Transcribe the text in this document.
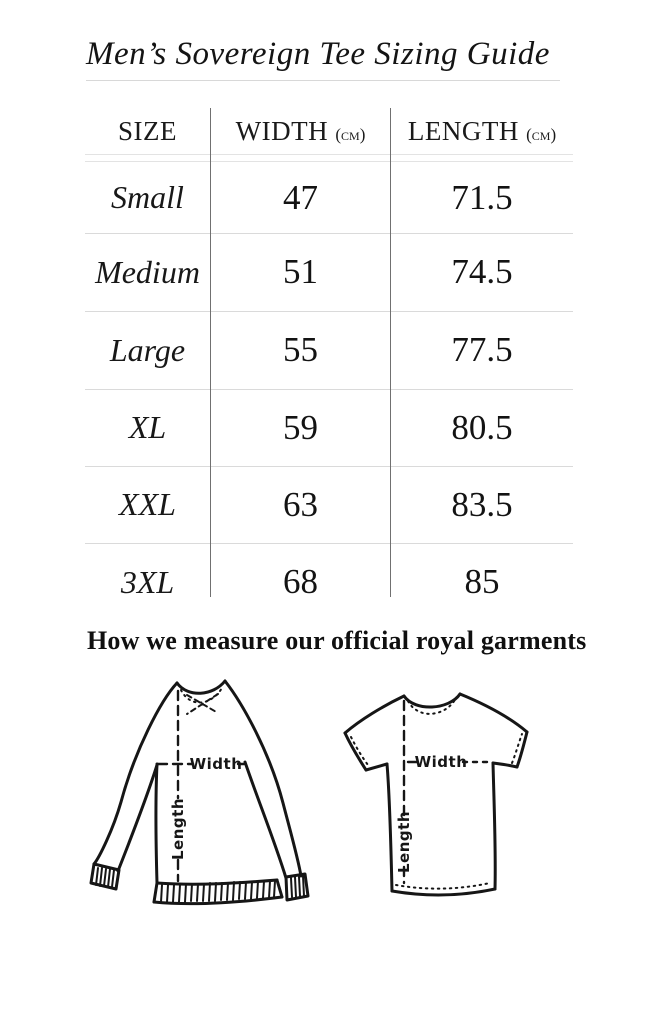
Men’s Sovereign Tee Sizing Guide
SIZE	WIDTH (cm)	LENGTH (cm)
Small	47	71.5
Medium	51	74.5
Large	55	77.5
XL	59	80.5
XXL	63	83.5
3XL	68	85
How we measure our official royal garments
Width
Length
Width
Length
